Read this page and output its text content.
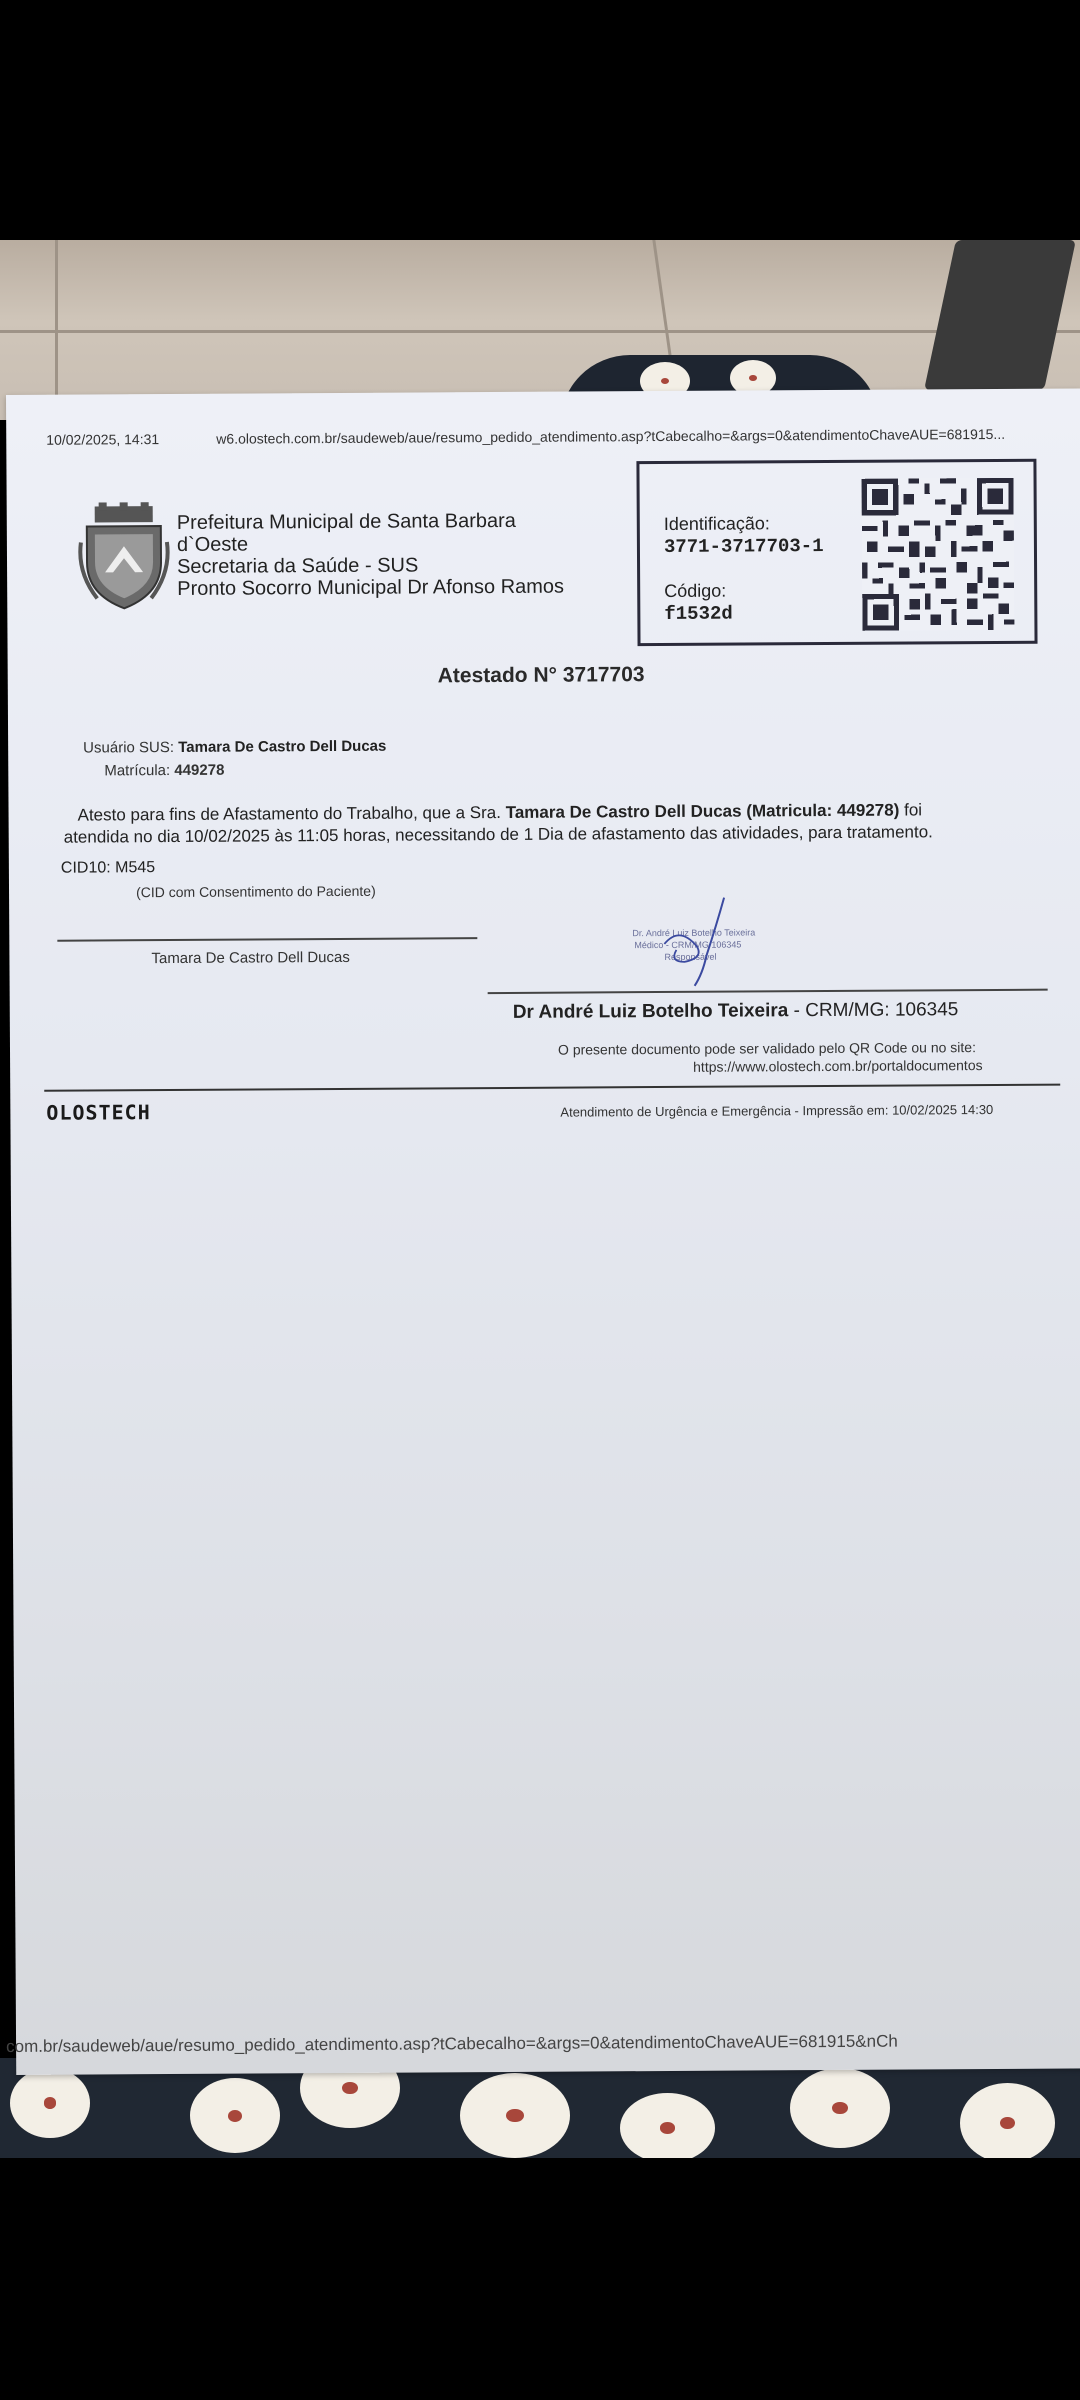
10/02/2025, 14:31	w6.olostech.com.br/saudeweb/aue/resumo_pedido_atendimento.asp?tCabecalho=&args=0&atendimentoChaveAUE=681915...
Prefeitura Municipal de Santa Barbara
d`Oeste
Secretaria da Saúde - SUS
Pronto Socorro Municipal Dr Afonso Ramos
Identificação:
3771-3717703-1
Código:
f1532d
Atestado N° 3717703
Usuário SUS: Tamara De Castro Dell Ducas
Matrícula: 449278
Atesto para fins de Afastamento do Trabalho, que a Sra. Tamara De Castro Dell Ducas (Matricula: 449278) foi
atendida no dia 10/02/2025 às 11:05 horas, necessitando de 1 Dia de afastamento das atividades, para tratamento.
CID10: M545
(CID com Consentimento do Paciente)
Tamara De Castro Dell Ducas
Dr. André Luiz Botelho Teixeira
Médico - CRM/MG 106345
Responsável
Dr André Luiz Botelho Teixeira - CRM/MG: 106345
O presente documento pode ser validado pelo QR Code ou no site:
https://www.olostech.com.br/portaldocumentos
OLOSTECH	Atendimento de Urgência e Emergência - Impressão em: 10/02/2025 14:30
com.br/saudeweb/aue/resumo_pedido_atendimento.asp?tCabecalho=&args=0&atendimentoChaveAUE=681915&nCh
